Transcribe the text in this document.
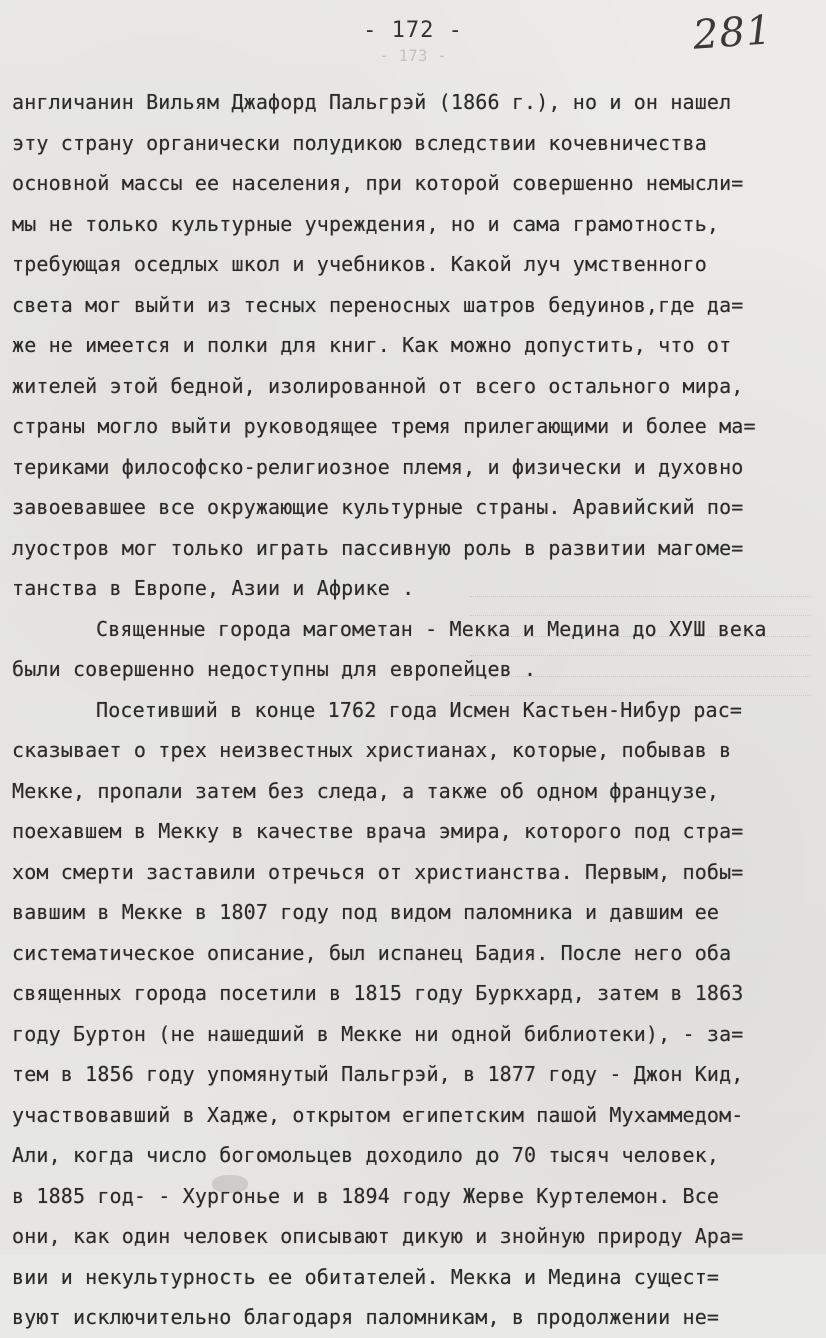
- 172 -
- 173 -	281
англичанин Вильям Джафорд Пальгрэй (1866 г.), но и он нашел
эту страну органически полудикою вследствии кочевничества
основной массы ее населения, при которой совершенно немысли=
мы не только культурные учреждения, но и сама грамотность,
требующая оседлых школ и учебников. Какой луч умственного
света мог выйти из тесных переносных шатров бедуинов,где да=
же не имеется и полки для книг. Как можно допустить, что от
жителей этой бедной, изолированной от всего остального мира,
страны могло выйти руководящее тремя прилегающими и более ма=
териками философско-религиозное племя, и физически и духовно
завоевавшее все окружающие культурные страны. Аравийский по=
луостров мог только играть пассивную роль в развитии магоме=
танства в Европе, Азии и Африке .
Священные города магометан - Мекка и Медина до ХУШ века
были совершенно недоступны для европейцев .
Посетивший в конце 1762 года Исмен Кастьен-Нибур рас=
сказывает о трех неизвестных христианах, которые, побывав в
Мекке, пропали затем без следа, а также об одном французе,
поехавшем в Мекку в качестве врача эмира, которого под стра=
хом смерти заставили отречься от христианства. Первым, побы=
вавшим в Мекке в 1807 году под видом паломника и давшим ее
систематическое описание, был испанец Бадия. После него оба
священных города посетили в 1815 году Буркхард, затем в 1863
году Буртон (не нашедший в Мекке ни одной библиотеки), - за=
тем в 1856 году упомянутый Пальгрэй, в 1877 году - Джон Кид,
участвовавший в Хадже, открытом египетским пашой Мухаммедом-
Али, когда число богомольцев доходило до 70 тысяч человек,
в 1885 год- - Хургонье и в 1894 году Жерве Куртелемон. Все
они, как один человек описывают дикую и знойную природу Ара=
вии и некультурность ее обитателей. Мекка и Медина сущест=
вуют исключительно благодаря паломникам, в продолжении не=
